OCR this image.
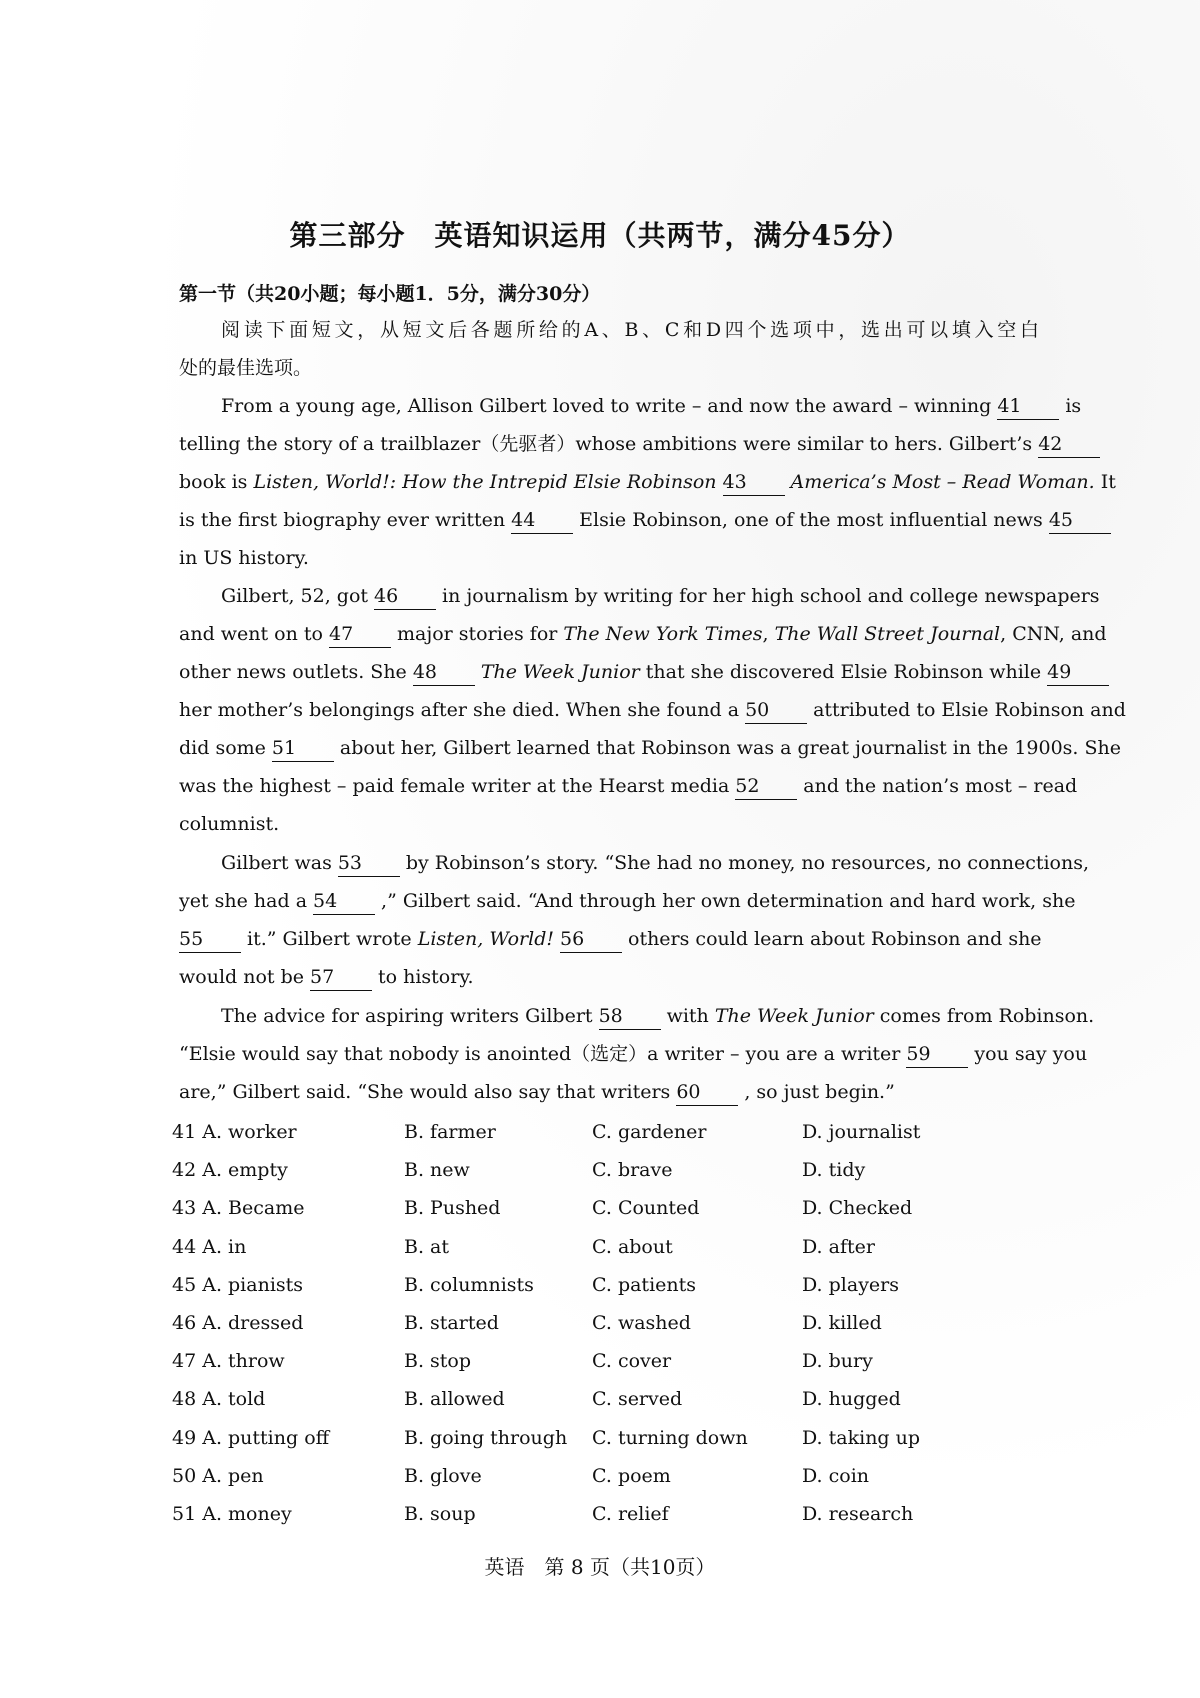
第三部分　英语知识运用（共两节，满分45分）
第一节（共20小题；每小题1．5分，满分30分）
阅读下面短文，从短文后各题所给的A、B、C和D四个选项中，选出可以填入空白
处的最佳选项。
From a young age, Allison Gilbert loved to write – and now the award – winning 41 is
telling the story of a trailblazer（先驱者）whose ambitions were similar to hers. Gilbert’s 42
book is Listen, World!: How the Intrepid Elsie Robinson 43 America’s Most – Read Woman. It
is the first biography ever written 44 Elsie Robinson, one of the most influential news 45
in US history.
Gilbert, 52, got 46 in journalism by writing for her high school and college newspapers
and went on to 47 major stories for The New York Times, The Wall Street Journal, CNN, and
other news outlets. She 48 The Week Junior that she discovered Elsie Robinson while 49
her mother’s belongings after she died. When she found a 50 attributed to Elsie Robinson and
did some 51 about her, Gilbert learned that Robinson was a great journalist in the 1900s. She
was the highest – paid female writer at the Hearst media 52 and the nation’s most – read
columnist.
Gilbert was 53 by Robinson’s story. “She had no money, no resources, no connections,
yet she had a 54 ,” Gilbert said. “And through her own determination and hard work, she
55 it.” Gilbert wrote Listen, World! 56 others could learn about Robinson and she
would not be 57 to history.
The advice for aspiring writers Gilbert 58 with The Week Junior comes from Robinson.
“Elsie would say that nobody is anointed（选定）a writer – you are a writer 59 you say you
are,” Gilbert said. “She would also say that writers 60 , so just begin.”
41 A. worker	B. farmer	C. gardener	D. journalist
42 A. empty	B. new	C. brave	D. tidy
43 A. Became	B. Pushed	C. Counted	D. Checked
44 A. in	B. at	C. about	D. after
45 A. pianists	B. columnists	C. patients	D. players
46 A. dressed	B. started	C. washed	D. killed
47 A. throw	B. stop	C. cover	D. bury
48 A. told	B. allowed	C. served	D. hugged
49 A. putting off	B. going through C. turning down	D. taking up
50 A. pen	B. glove	C. poem	D. coin
51 A. money	B. soup	C. relief	D. research
英语　第 8 页（共10页）
